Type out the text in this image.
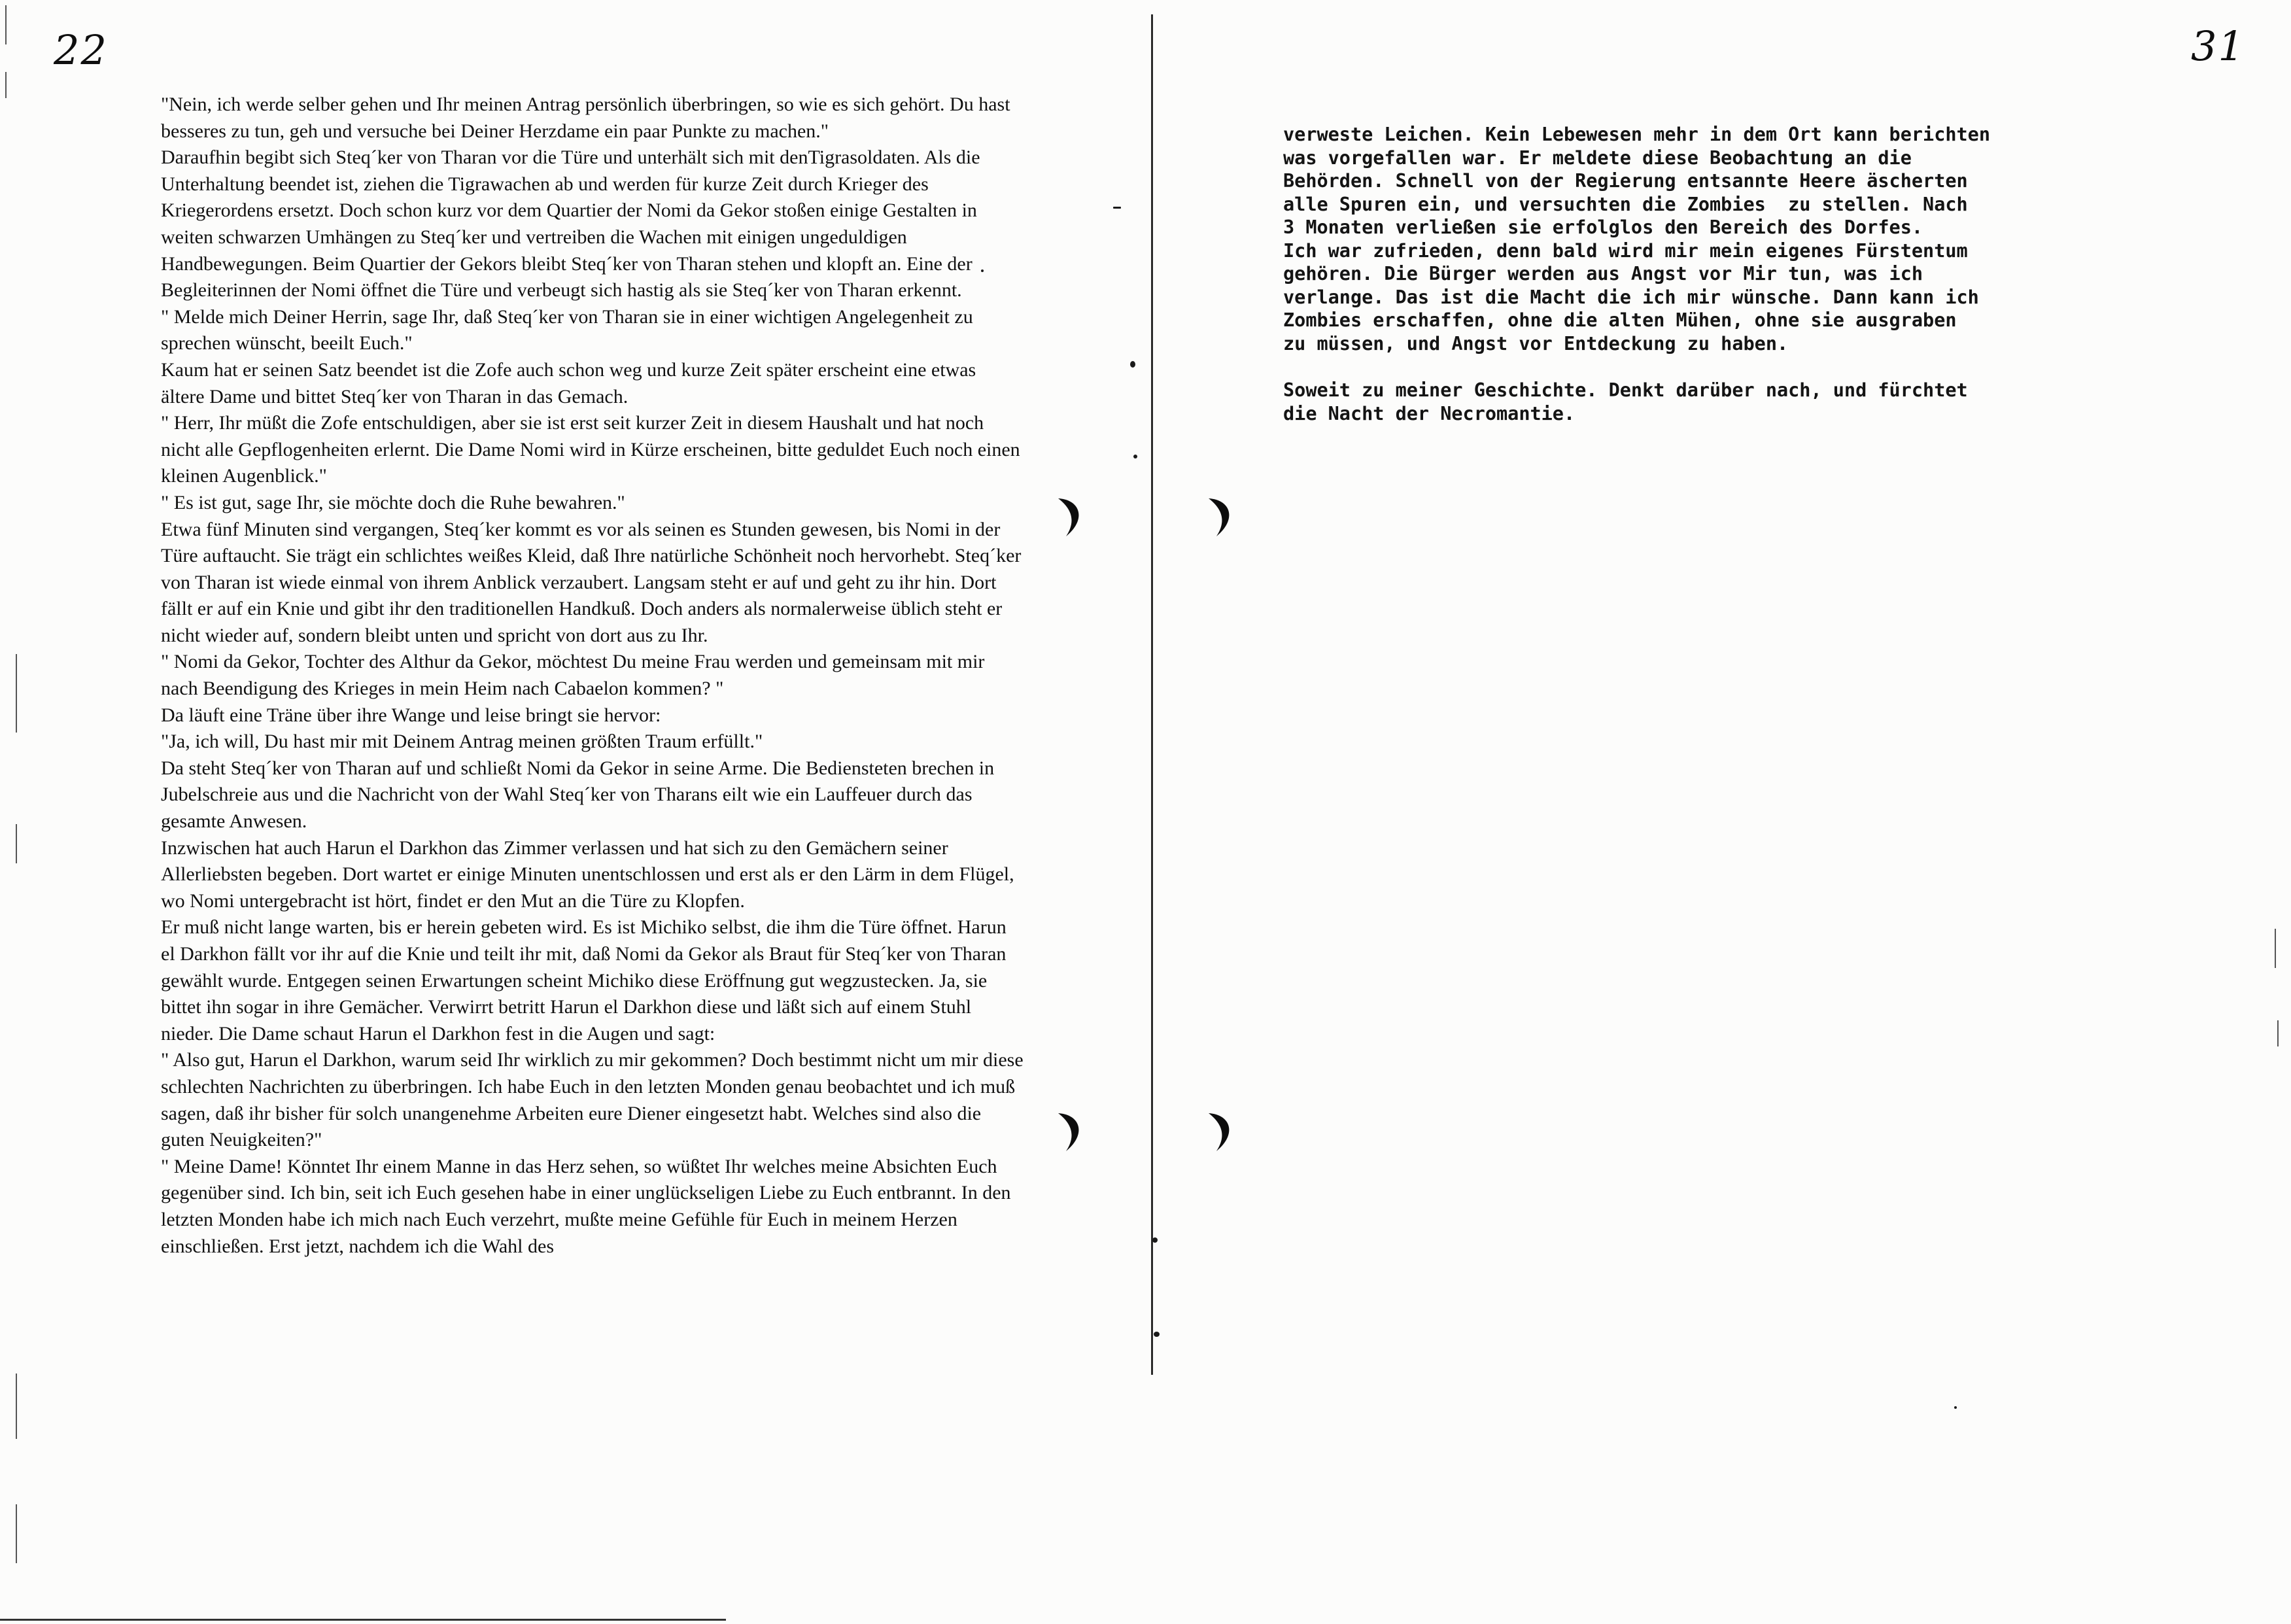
22	31

"Nein, ich werde selber gehen und Ihr meinen Antrag persönlich überbringen, so wie es sich gehört. Du hast besseres zu tun, geh und versuche bei Deiner Herzdame ein paar Punkte zu machen."

Daraufhin begibt sich Steq´ker von Tharan vor die Türe und unterhält sich mit denTigrasoldaten. Als die Unterhaltung beendet ist, ziehen die Tigrawachen ab und werden für kurze Zeit durch Krieger des Kriegerordens ersetzt. Doch schon kurz vor dem Quartier der Nomi da Gekor stoßen einige Gestalten in weiten schwarzen Umhängen zu Steq´ker und vertreiben die Wachen mit einigen ungeduldigen Handbewegungen. Beim Quartier der Gekors bleibt Steq´ker von Tharan stehen und klopft an. Eine der Begleiterinnen der Nomi öffnet die Türe und verbeugt sich hastig als sie Steq´ker von Tharan erkennt.

" Melde mich Deiner Herrin, sage Ihr, daß Steq´ker von Tharan sie in einer wichtigen Angelegenheit zu sprechen wünscht, beeilt Euch."

Kaum hat er seinen Satz beendet ist die Zofe auch schon weg und kurze Zeit später erscheint eine etwas ältere Dame und bittet Steq´ker von Tharan in das Gemach.

" Herr, Ihr müßt die Zofe entschuldigen, aber sie ist erst seit kurzer Zeit in diesem Haushalt und hat noch nicht alle Gepflogenheiten erlernt. Die Dame Nomi wird in Kürze erscheinen, bitte geduldet Euch noch einen kleinen Augenblick."

" Es ist gut, sage Ihr, sie möchte doch die Ruhe bewahren."

Etwa fünf Minuten sind vergangen, Steq´ker kommt es vor als seinen es Stunden gewesen, bis Nomi in der Türe auftaucht. Sie trägt ein schlichtes weißes Kleid, daß Ihre natürliche Schönheit noch hervorhebt. Steq´ker von Tharan ist wiede einmal von ihrem Anblick verzaubert. Langsam steht er auf und geht zu ihr hin. Dort fällt er auf ein Knie und gibt ihr den traditionellen Handkuß. Doch anders als normalerweise üblich steht er nicht wieder auf, sondern bleibt unten und spricht von dort aus zu Ihr.

" Nomi da Gekor, Tochter des Althur da Gekor, möchtest Du meine Frau werden und gemeinsam mit mir nach Beendigung des Krieges in mein Heim nach Cabaelon kommen? "

Da läuft eine Träne über ihre Wange und leise bringt sie hervor:

"Ja, ich will, Du hast mir mit Deinem Antrag meinen größten Traum erfüllt."

Da steht Steq´ker von Tharan auf und schließt Nomi da Gekor in seine Arme. Die Bediensteten brechen in Jubelschreie aus und die Nachricht von der Wahl Steq´ker von Tharans eilt wie ein Lauffeuer durch das gesamte Anwesen.

Inzwischen hat auch Harun el Darkhon das Zimmer verlassen und hat sich zu den Gemächern seiner Allerliebsten begeben. Dort wartet er einige Minuten unentschlossen und erst als er den Lärm in dem Flügel, wo Nomi untergebracht ist hört, findet er den Mut an die Türe zu Klopfen.

Er muß nicht lange warten, bis er herein gebeten wird. Es ist Michiko selbst, die ihm die Türe öffnet. Harun el Darkhon fällt vor ihr auf die Knie und teilt ihr mit, daß Nomi da Gekor als Braut für Steq´ker von Tharan gewählt wurde. Entgegen seinen Erwartungen scheint Michiko diese Eröffnung gut wegzustecken. Ja, sie bittet ihn sogar in ihre Gemächer. Verwirrt betritt Harun el Darkhon diese und läßt sich auf einem Stuhl nieder. Die Dame schaut Harun el Darkhon fest in die Augen und sagt:

" Also gut, Harun el Darkhon, warum seid Ihr wirklich zu mir gekommen? Doch bestimmt nicht um mir diese schlechten Nachrichten zu überbringen. Ich habe Euch in den letzten Monden genau beobachtet und ich muß sagen, daß ihr bisher für solch unangenehme Arbeiten eure Diener eingesetzt habt. Welches sind also die guten Neuigkeiten?"

" Meine Dame! Könntet Ihr einem Manne in das Herz sehen, so wüßtet Ihr welches meine Absichten Euch gegenüber sind. Ich bin, seit ich Euch gesehen habe in einer unglückseligen Liebe zu Euch entbrannt. In den letzten Monden habe ich mich nach Euch verzehrt, mußte meine Gefühle für Euch in meinem Herzen einschließen. Erst jetzt, nachdem ich die Wahl des

verweste Leichen. Kein Lebewesen mehr in dem Ort kann berichten

was vorgefallen war. Er meldete diese Beobachtung an die

Behörden. Schnell von der Regierung entsannte Heere äscherten

alle Spuren ein, und versuchten die Zombies  zu stellen. Nach

3 Monaten verließen sie erfolglos den Bereich des Dorfes.

Ich war zufrieden, denn bald wird mir mein eigenes Fürstentum

gehören. Die Bürger werden aus Angst vor Mir tun, was ich

verlange. Das ist die Macht die ich mir wünsche. Dann kann ich

Zombies erschaffen, ohne die alten Mühen, ohne sie ausgraben

zu müssen, und Angst vor Entdeckung zu haben.

Soweit zu meiner Geschichte. Denkt darüber nach, und fürchtet

die Nacht der Necromantie.
